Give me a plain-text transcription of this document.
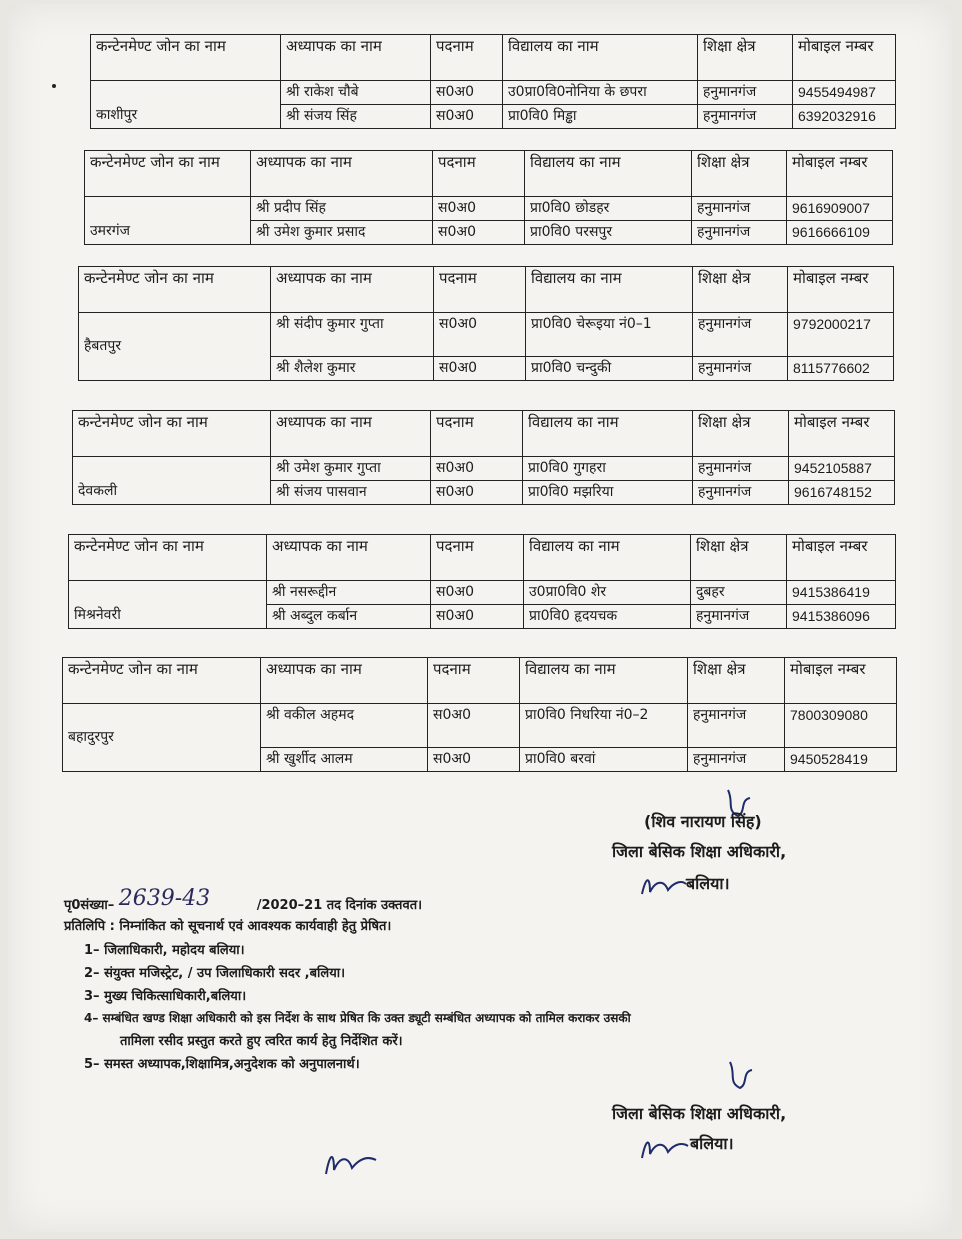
कन्टेनमेण्ट जोन का नाम	अध्यापक का नाम	पदनाम	विद्यालय का नाम	शिक्षा क्षेत्र	मोबाइल नम्बर
काशीपुर	श्री राकेश चौबे	स0अ0	उ0प्रा0वि0नोनिया के छपरा	हनुमानगंज	9455494987
	श्री संजय सिंह	स0अ0	प्रा0वि0 मिड्ढा	हनुमानगंज	6392032916
कन्टेनमेण्ट जोन का नाम	अध्यापक का नाम	पदनाम	विद्यालय का नाम	शिक्षा क्षेत्र	मोबाइल नम्बर
उमरगंज	श्री प्रदीप सिंह	स0अ0	प्रा0वि0 छोडहर	हनुमानगंज	9616909007
	श्री उमेश कुमार प्रसाद	स0अ0	प्रा0वि0 परसपुर	हनुमानगंज	9616666109
कन्टेनमेण्ट जोन का नाम	अध्यापक का नाम	पदनाम	विद्यालय का नाम	शिक्षा क्षेत्र	मोबाइल नम्बर
हैबतपुर	श्री संदीप कुमार गुप्ता	स0अ0	प्रा0वि0 चेरूइया नं0–1	हनुमानगंज	9792000217
	श्री शैलेश कुमार	स0अ0	प्रा0वि0 चन्दुकी	हनुमानगंज	8115776602
कन्टेनमेण्ट जोन का नाम	अध्यापक का नाम	पदनाम	विद्यालय का नाम	शिक्षा क्षेत्र	मोबाइल नम्बर
देवकली	श्री उमेश कुमार गुप्ता	स0अ0	प्रा0वि0 गुगहरा	हनुमानगंज	9452105887
	श्री संजय पासवान	स0अ0	प्रा0वि0 मझरिया	हनुमानगंज	9616748152
कन्टेनमेण्ट जोन का नाम	अध्यापक का नाम	पदनाम	विद्यालय का नाम	शिक्षा क्षेत्र	मोबाइल नम्बर
मिश्रनेवरी	श्री नसरूद्दीन	स0अ0	उ0प्रा0वि0 शेर	दुबहर	9415386419
	श्री अब्दुल कर्बान	स0अ0	प्रा0वि0 हृदयचक	हनुमानगंज	9415386096
कन्टेनमेण्ट जोन का नाम	अध्यापक का नाम	पदनाम	विद्यालय का नाम	शिक्षा क्षेत्र	मोबाइल नम्बर
बहादुरपुर	श्री वकील अहमद	स0अ0	प्रा0वि0 निधरिया नं0–2	हनुमानगंज	7800309080
	श्री खुर्शीद आलम	स0अ0	प्रा0वि0 बरवां	हनुमानगंज	9450528419
(शिव नारायण सिंह)
जिला बेसिक शिक्षा अधिकारी,
बलिया।
पृ0संख्या– 2639-43	/2020–21 तद दिनांक उक्तवत।
प्रतिलिपि : निम्नांकित को सूचनार्थ एवं आवश्यक कार्यवाही हेतु प्रेषित।
1– जिलाधिकारी, महोदय बलिया।
2– संयुक्त मजिस्ट्रेट, / उप जिलाधिकारी सदर ,बलिया।
3– मुख्य चिकित्साधिकारी,बलिया।
4– सम्बंधित खण्ड शिक्षा अधिकारी को इस निर्देश के साथ प्रेषित कि उक्त ड्यूटी सम्बंधित अध्यापक को तामिल कराकर उसकी
तामिला रसीद प्रस्तुत करते हुए त्वरित कार्य हेतु निर्देशित करें।
5– समस्त अध्यापक,शिक्षामित्र,अनुदेशक को अनुपालनार्थ।
जिला बेसिक शिक्षा अधिकारी,
बलिया।
